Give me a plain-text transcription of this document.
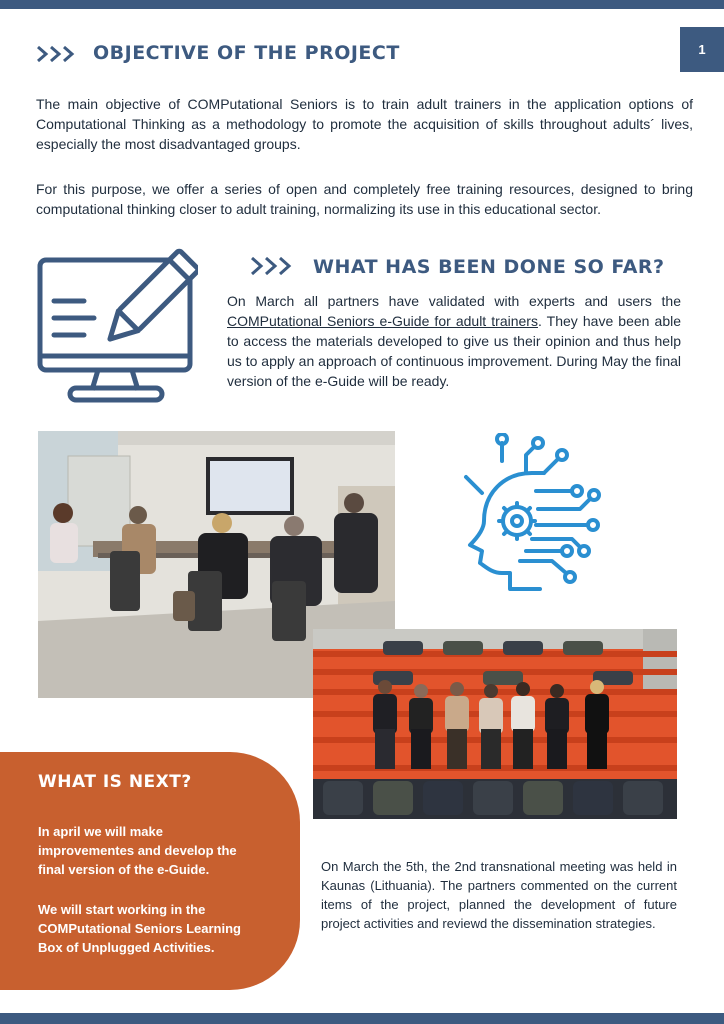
1
OBJECTIVE OF THE PROJECT
The main objective of COMPutational Seniors is to train adult trainers in the application options of Computational Thinking as a methodology to promote the acquisition of skills throughout adults´ lives, especially the most disadvantaged groups.
For this purpose, we offer a series of open and completely free training resources, designed to bring computational thinking closer to adult training, normalizing its use in this educational sector.
WHAT HAS BEEN DONE SO FAR?
On March all partners have validated with experts and users the COMPutational Seniors e-Guide for adult trainers. They have been able to access the materials developed to give us their opinion and thus help us to apply an approach of continuous improvement. During May the final version of the e-Guide will be ready.
WHAT IS NEXT?

In april we will make improvementes and develop the final version of the e-Guide.

We will start working in the COMPutational Seniors Learning Box of Unplugged Activities.

On March the 5th, the 2nd transnational meeting was held in Kaunas (Lithuania). The partners commented on the current items of the project, planned the development of future project activities and reviewd the dissemination strategies.
